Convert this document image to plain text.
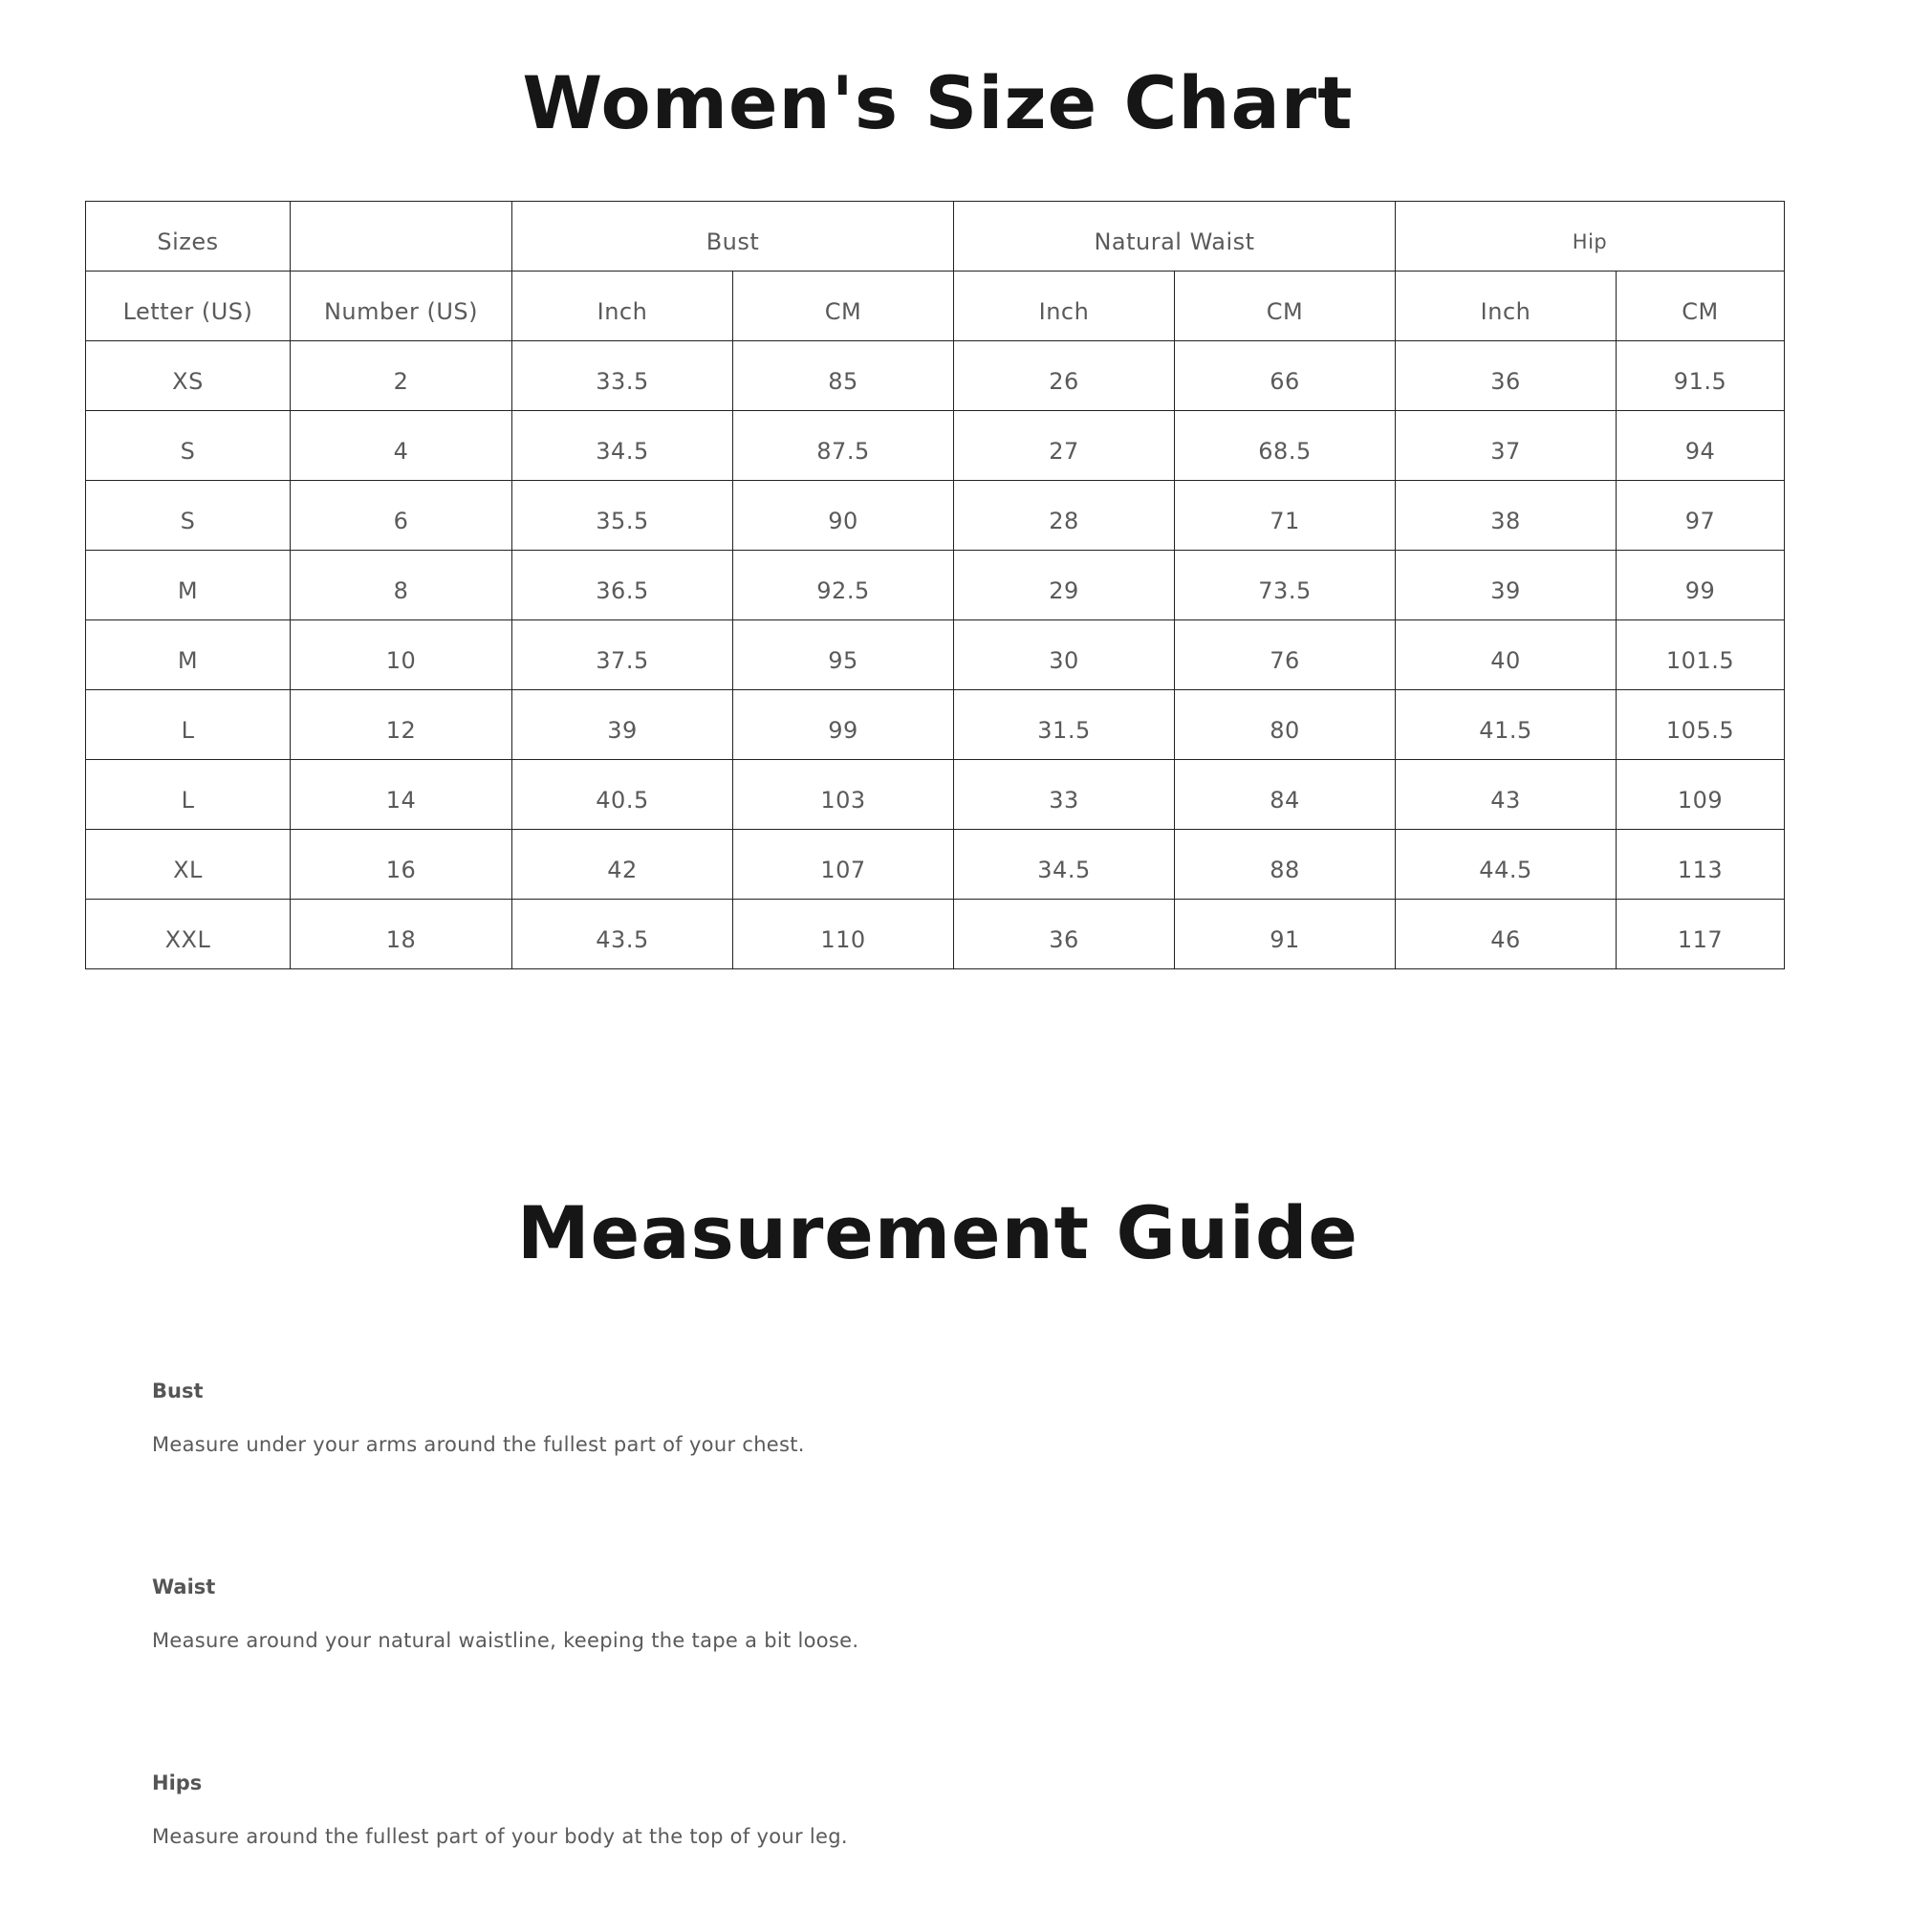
Women's Size Chart
Sizes		Bust		Natural Waist		Hip	
Letter (US)	Number (US)	Inch	CM	Inch	CM	Inch	CM
XS	2	33.5	85	26	66	36	91.5
S	4	34.5	87.5	27	68.5	37	94
S	6	35.5	90	28	71	38	97
M	8	36.5	92.5	29	73.5	39	99
M	10	37.5	95	30	76	40	101.5
L	12	39	99	31.5	80	41.5	105.5
L	14	40.5	103	33	84	43	109
XL	16	42	107	34.5	88	44.5	113
XXL	18	43.5	110	36	91	46	117
Measurement Guide

Bust

Measure under your arms around the fullest part of your chest.

Waist

Measure around your natural waistline, keeping the tape a bit loose.

Hips

Measure around the fullest part of your body at the top of your leg.
